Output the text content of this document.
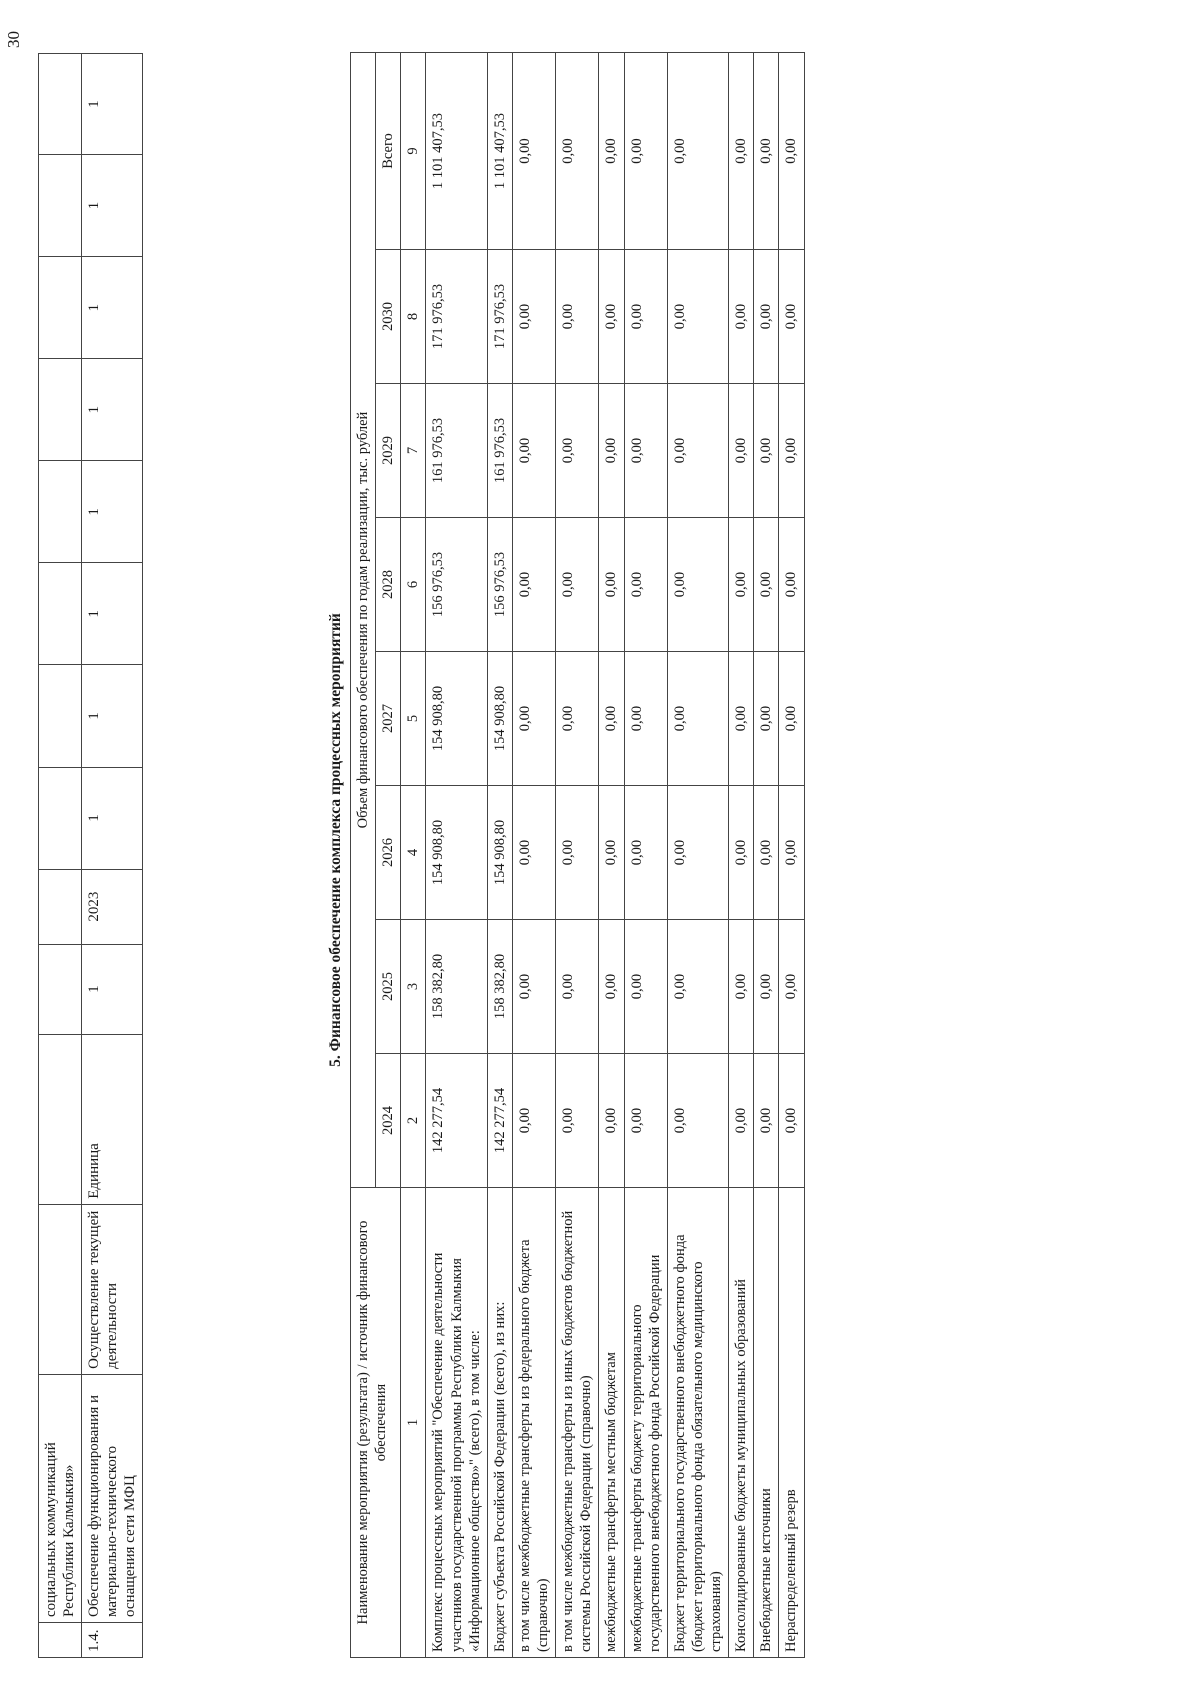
30
	социальных коммуникаций Республики Калмыкия»												
1.4.	Обеспечение функционирования и материально-технического оснащения сети МФЦ	Осуществление текущей деятельности	Единица	1	2023	1	1	1	1	1	1	1	1
5. Финансовое обеспечение комплекса процессных мероприятий
Наименование мероприятия (результата) / источник финансового обеспечения	Объем финансового обеспечения по годам реализации, тыс. рублей							
	2024	2025	2026	2027	2028	2029	2030	Всего
1	2	3	4	5	6	7	8	9
Комплекс процессных мероприятий "Обеспечение деятельности участников государственной программы Республики Калмыкия «Информационное общество»" (всего), в том числе:	142 277,54	158 382,80	154 908,80	154 908,80	156 976,53	161 976,53	171 976,53	1 101 407,53
Бюджет субъекта Российской Федерации (всего), из них:	142 277,54	158 382,80	154 908,80	154 908,80	156 976,53	161 976,53	171 976,53	1 101 407,53
в том числе межбюджетные трансферты из федерального бюджета (справочно)	0,00	0,00	0,00	0,00	0,00	0,00	0,00	0,00
в том числе межбюджетные трансферты из иных бюджетов бюджетной системы Российской Федерации (справочно)	0,00	0,00	0,00	0,00	0,00	0,00	0,00	0,00
межбюджетные трансферты местным бюджетам	0,00	0,00	0,00	0,00	0,00	0,00	0,00	0,00
межбюджетные трансферты бюджету территориального государственного внебюджетного фонда Российской Федерации	0,00	0,00	0,00	0,00	0,00	0,00	0,00	0,00
Бюджет территориального государственного внебюджетного фонда (бюджет территориального фонда обязательного медицинского страхования)	0,00	0,00	0,00	0,00	0,00	0,00	0,00	0,00
Консолидированные бюджеты муниципальных образований	0,00	0,00	0,00	0,00	0,00	0,00	0,00	0,00
Внебюджетные источники	0,00	0,00	0,00	0,00	0,00	0,00	0,00	0,00
Нераспределенный резерв	0,00	0,00	0,00	0,00	0,00	0,00	0,00	0,00
